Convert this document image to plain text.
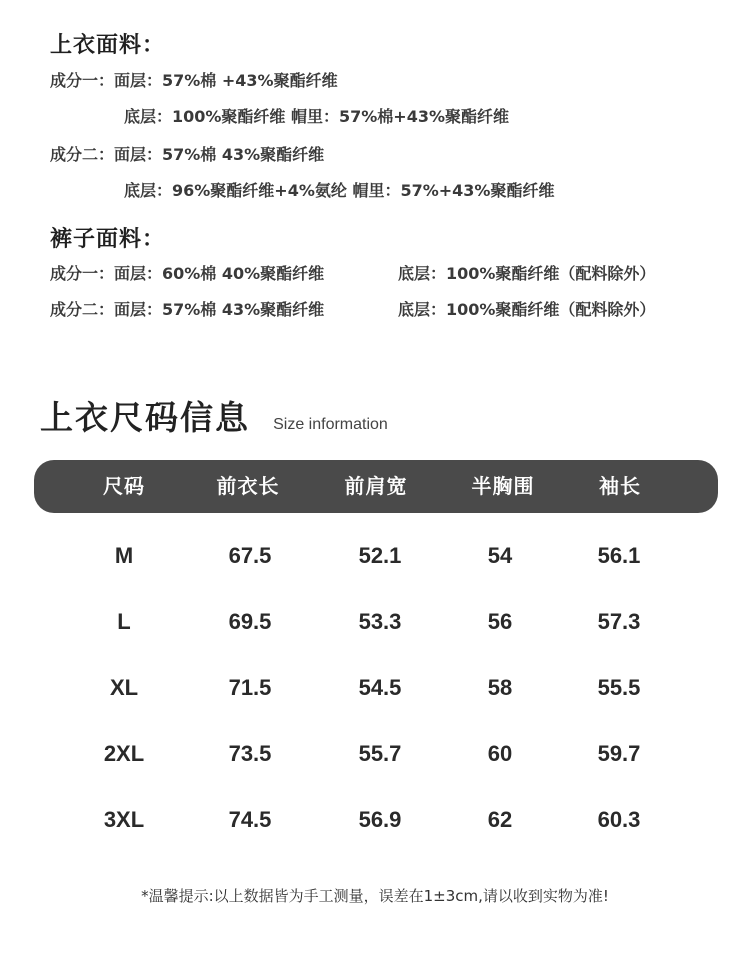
上衣面料：
成分一：面层：57%棉 +43%聚酯纤维
底层：100%聚酯纤维 帽里：57%棉+43%聚酯纤维
成分二：面层：57%棉 43%聚酯纤维
底层：96%聚酯纤维+4%氨纶 帽里：57%+43%聚酯纤维
裤子面料：
成分一：面层：60%棉 40%聚酯纤维	底层：100%聚酯纤维（配料除外）
成分二：面层：57%棉 43%聚酯纤维	底层：100%聚酯纤维（配料除外）
上衣尺码信息 Size information
尺码	前衣长	前肩宽	半胸围	袖长
M	67.5	52.1	54	56.1
L	69.5	53.3	56	57.3
XL	71.5	54.5	58	55.5
2XL	73.5	55.7	60	59.7
3XL	74.5	56.9	62	60.3
*温馨提示:以上数据皆为手工测量，误差在1±3cm,请以收到实物为准!
